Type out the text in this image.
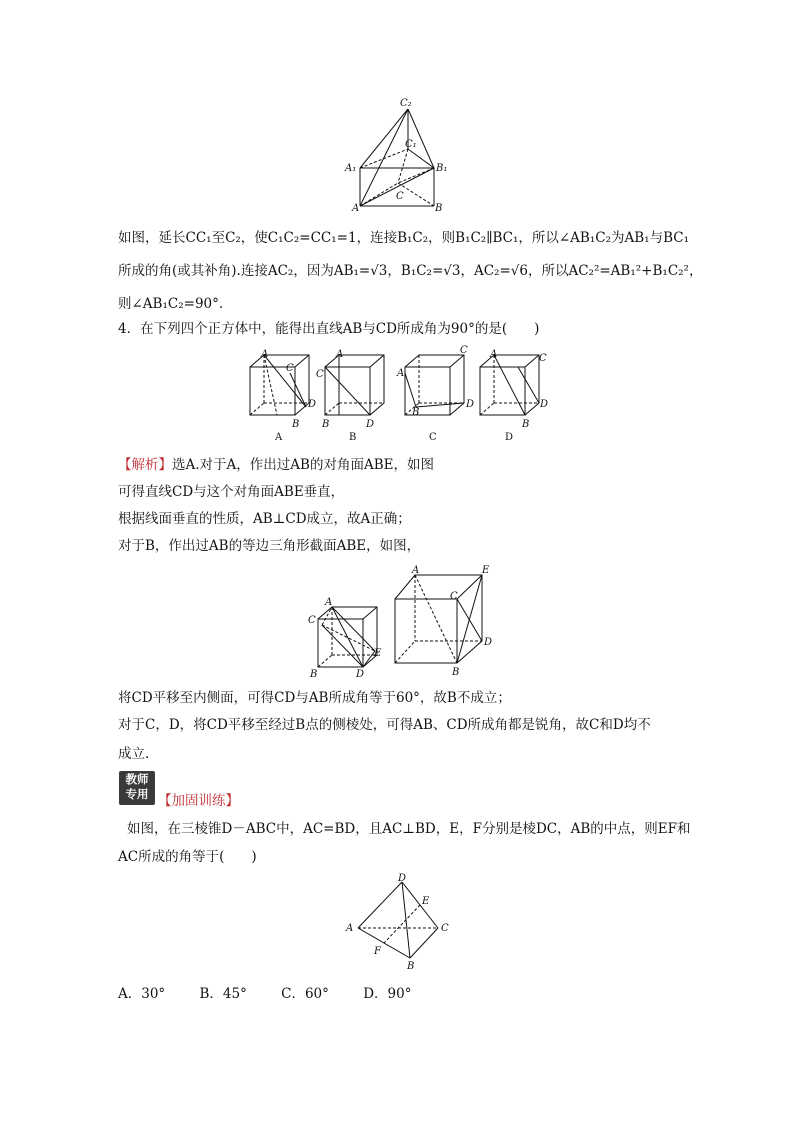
C₂
C₁
A₁	B₁
A	B
C
如图，延长CC₁至C₂，使C₁C₂=CC₁=1，连接B₁C₂，则B₁C₂∥BC₁，所以∠AB₁C₂为AB₁与BC₁
所成的角(或其补角).连接AC₂，因为AB₁=√3，B₁C₂=√3，AC₂=√6，所以AC₂²=AB₁²+B₁C₂²，
则∠AB₁C₂=90°.
4．在下列四个正方体中，能得出直线AB与CD所成角为90°的是(　　)
A
C
D
B
A
C
D
B
A
C
D
B
A	C
D
B
A	B	C	D
【解析】选A.对于A，作出过AB的对角面ABE，如图
可得直线CD与这个对角面ABE垂直，
根据线面垂直的性质，AB⊥CD成立，故A正确；
对于B，作出过AB的等边三角形截面ABE，如图，
A
C
E
B	D
A	E
C
D
B
将CD平移至内侧面，可得CD与AB所成角等于60°，故B不成立；
对于C，D，将CD平移至经过B点的侧棱处，可得AB、CD所成角都是锐角，故C和D均不
成立.
教师
专用 【加固训练】
如图，在三棱锥D－ABC中，AC=BD，且AC⊥BD，E，F分别是棱DC，AB的中点，则EF和
AC所成的角等于(　　)
D
E
A	C
F
B
A．30°	B．45°	C．60°	D．90°
